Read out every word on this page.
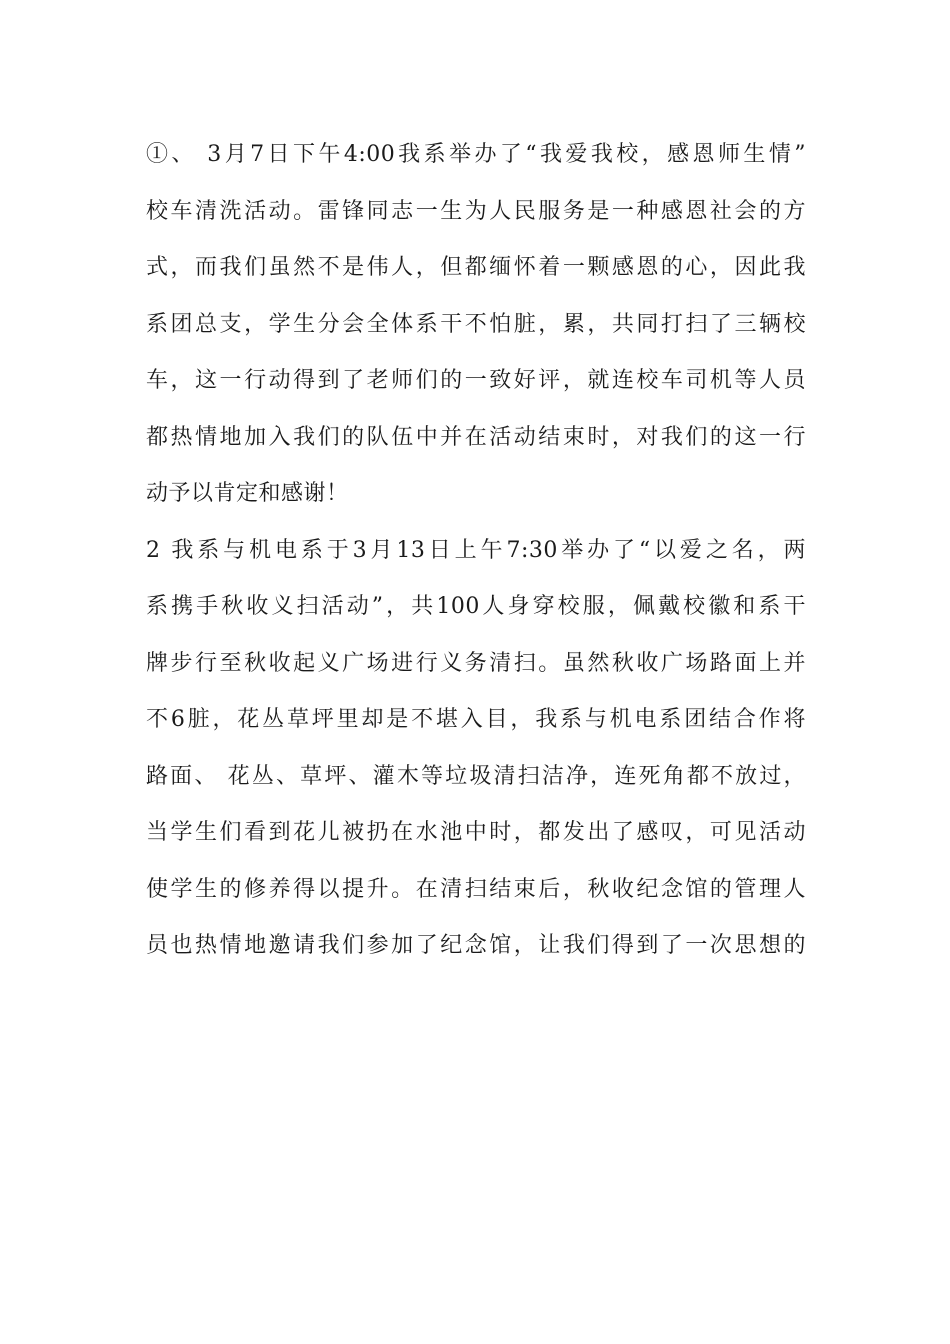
①、 3月7日下午4:00我系举办了“我爱我校，感恩师生情”
校车清洗活动。雷锋同志一生为人民服务是一种感恩社会的方
式，而我们虽然不是伟人，但都缅怀着一颗感恩的心，因此我
系团总支，学生分会全体系干不怕脏，累，共同打扫了三辆校
车，这一行动得到了老师们的一致好评，就连校车司机等人员
都热情地加入我们的队伍中并在活动结束时，对我们的这一行
动予以肯定和感谢！
2 我系与机电系于3月13日上午7:30举办了“以爱之名，两
系携手秋收义扫活动”，共100人身穿校服，佩戴校徽和系干
牌步行至秋收起义广场进行义务清扫。虽然秋收广场路面上并
不6脏，花丛草坪里却是不堪入目，我系与机电系团结合作将
路面、 花丛、草坪、灌木等垃圾清扫洁净，连死角都不放过，
当学生们看到花儿被扔在水池中时，都发出了感叹，可见活动
使学生的修养得以提升。在清扫结束后，秋收纪念馆的管理人
员也热情地邀请我们参加了纪念馆，让我们得到了一次思想的
